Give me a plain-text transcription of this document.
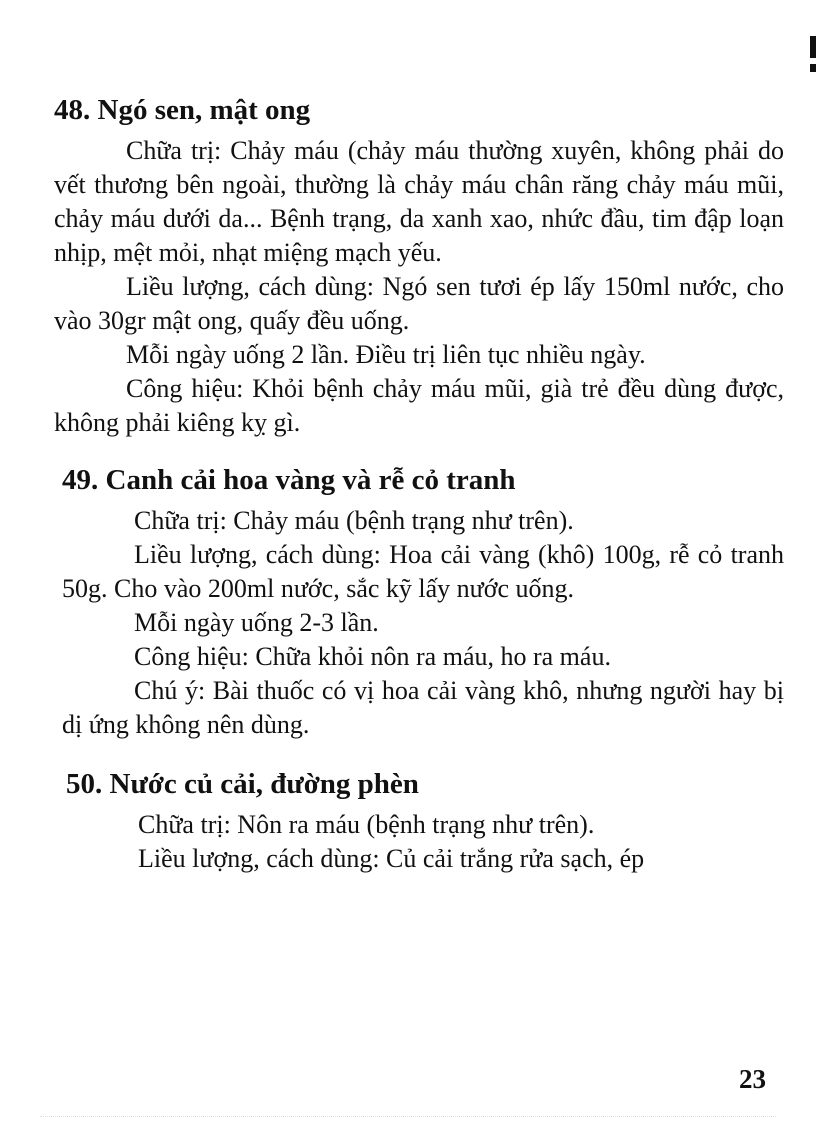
48. Ngó sen, mật ong

Chữa trị: Chảy máu (chảy máu thường xuyên, không phải do vết thương bên ngoài, thường là chảy máu chân răng chảy máu mũi, chảy máu dưới da... Bệnh trạng, da xanh xao, nhức đầu, tim đập loạn nhịp, mệt mỏi, nhạt miệng mạch yếu.

Liều lượng, cách dùng: Ngó sen tươi ép lấy 150ml nước, cho vào 30gr mật ong, quấy đều uống.

Mỗi ngày uống 2 lần. Điều trị liên tục nhiều ngày.

Công hiệu: Khỏi bệnh chảy máu mũi, già trẻ đều dùng được, không phải kiêng kỵ gì.

49. Canh cải hoa vàng và rễ cỏ tranh

Chữa trị: Chảy máu (bệnh trạng như trên).

Liều lượng, cách dùng: Hoa cải vàng (khô) 100g, rễ cỏ tranh 50g. Cho vào 200ml nước, sắc kỹ lấy nước uống.

Mỗi ngày uống 2-3 lần.

Công hiệu: Chữa khỏi nôn ra máu, ho ra máu.

Chú ý: Bài thuốc có vị hoa cải vàng khô, nhưng người hay bị dị ứng không nên dùng.

50. Nước củ cải, đường phèn

Chữa trị: Nôn ra máu (bệnh trạng như trên).

Liều lượng, cách dùng: Củ cải trắng rửa sạch, ép

23
